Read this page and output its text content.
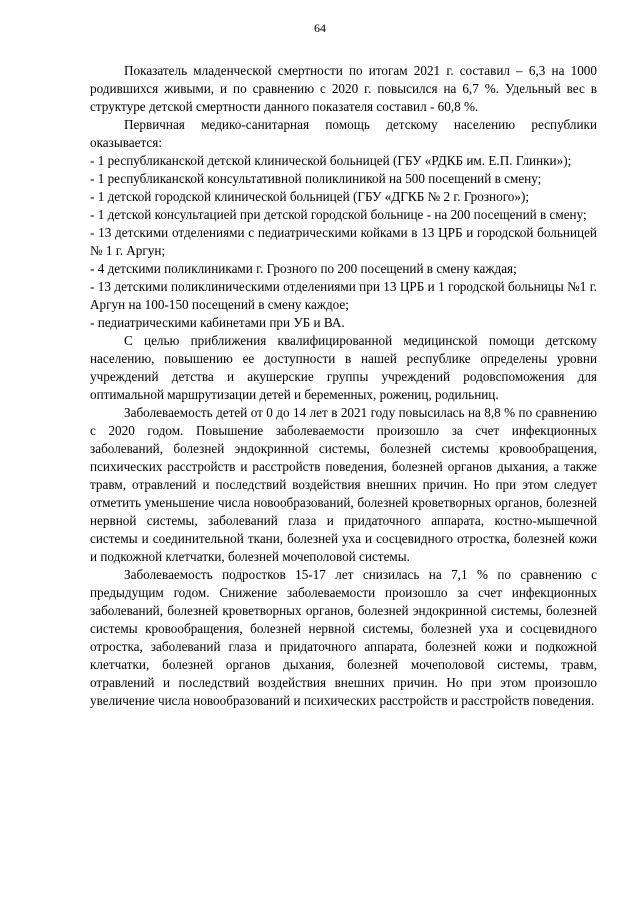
64

Показатель младенческой смертности по итогам 2021 г. составил – 6,3 на 1000 родившихся живыми, и по сравнению с 2020 г. повысился на 6,7 %. Удельный вес в структуре детской смертности данного показателя составил - 60,8 %.

Первичная медико-санитарная помощь детскому населению республики оказывается:

- 1 республиканской детской клинической больницей (ГБУ «РДКБ им. Е.П. Глинки»);

- 1 республиканской консультативной поликлиникой на 500 посещений в смену;

- 1 детской городской клинической больницей (ГБУ «ДГКБ № 2 г. Грозного»);

- 1 детской консультацией при детской городской больнице - на 200 посещений в смену;

- 13 детскими отделениями с педиатрическими койками в 13 ЦРБ и городской больницей № 1 г. Аргун;

- 4 детскими поликлиниками г. Грозного по 200 посещений в смену каждая;

- 13 детскими поликлиническими отделениями при 13 ЦРБ и 1 городской больницы №1 г. Аргун на 100-150 посещений в смену каждое;

- педиатрическими кабинетами при УБ и ВА.

С целью приближения квалифицированной медицинской помощи детскому населению, повышению ее доступности в нашей республике определены уровни учреждений детства и акушерские группы учреждений родовспоможения для оптимальной маршрутизации детей и беременных, рожениц, родильниц.

Заболеваемость детей от 0 до 14 лет в 2021 году повысилась на 8,8 % по сравнению с 2020 годом. Повышение заболеваемости произошло за счет инфекционных заболеваний, болезней эндокринной системы, болезней системы кровообращения, психических расстройств и расстройств поведения, болезней органов дыхания, а также травм, отравлений и последствий воздействия внешних причин. Но при этом следует отметить уменьшение числа новообразований, болезней кроветворных органов, болезней нервной системы, заболеваний глаза и придаточного аппарата, костно-мышечной системы и соединительной ткани, болезней уха и сосцевидного отростка, болезней кожи и подкожной клетчатки, болезней мочеполовой системы.

Заболеваемость подростков 15-17 лет снизилась на 7,1 % по сравнению с предыдущим годом. Снижение заболеваемости произошло за счет инфекционных заболеваний, болезней кроветворных органов, болезней эндокринной системы, болезней системы кровообращения, болезней нервной системы, болезней уха и сосцевидного отростка, заболеваний глаза и придаточного аппарата, болезней кожи и подкожной клетчатки, болезней органов дыхания, болезней мочеполовой системы, травм, отравлений и последствий воздействия внешних причин. Но при этом произошло увеличение числа новообразований и психических расстройств и расстройств поведения.
